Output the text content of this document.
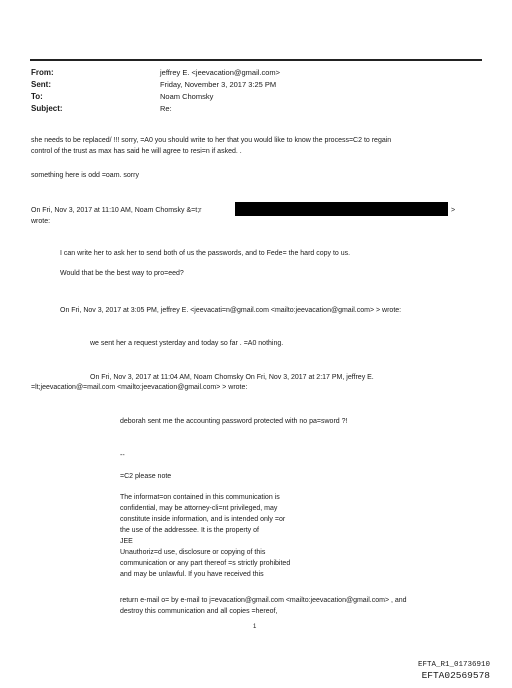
From:	jeffrey E. <jeevacation@gmail.com>
Sent:	Friday, November 3, 2017 3:25 PM
To:	Noam Chomsky
Subject:	Re:
she needs to be replaced/ !!! sorry, =A0 you should write to her that you would like to know the process=C2 to regain
control of the trust as max has said he will agree to resi=n if asked. .
something here is odd =oam. sorry
On Fri, Nov 3, 2017 at 11:10 AM, Noam Chomsky &=t;r	>
wrote:
I can write her to ask her to send both of us the passwords, and to Fede= the hard copy to us.
Would that be the best way to pro=eed?
On Fri, Nov 3, 2017 at 3:05 PM, jeffrey E. <jeevacati=n@gmail.com <mailto:jeevacation@gmail.com> > wrote:
we sent her a request ysterday and today so far . =A0 nothing.
On Fri, Nov 3, 2017 at 11:04 AM, Noam Chomsky On Fri, Nov 3, 2017 at 2:17 PM, jeffrey E.
=lt;jeevacation@=mail.com <mailto:jeevacation@gmail.com> > wrote:
deborah sent me the accounting password protected with no pa=sword ?!
--
=C2 please note
The informat=on contained in this communication is
confidential, may be attorney-cli=nt privileged, may
constitute inside information, and is intended only =or
the use of the addressee. It is the property of
JEE
Unauthoriz=d use, disclosure or copying of this
communication or any part thereof =s strictly prohibited
and may be unlawful. If you have received this
return e-mail o= by e-mail to j=evacation@gmail.com <mailto:jeevacation@gmail.com> , and
destroy this communication and all copies =hereof,
1
EFTA_R1_01736910
EFTA02569578
